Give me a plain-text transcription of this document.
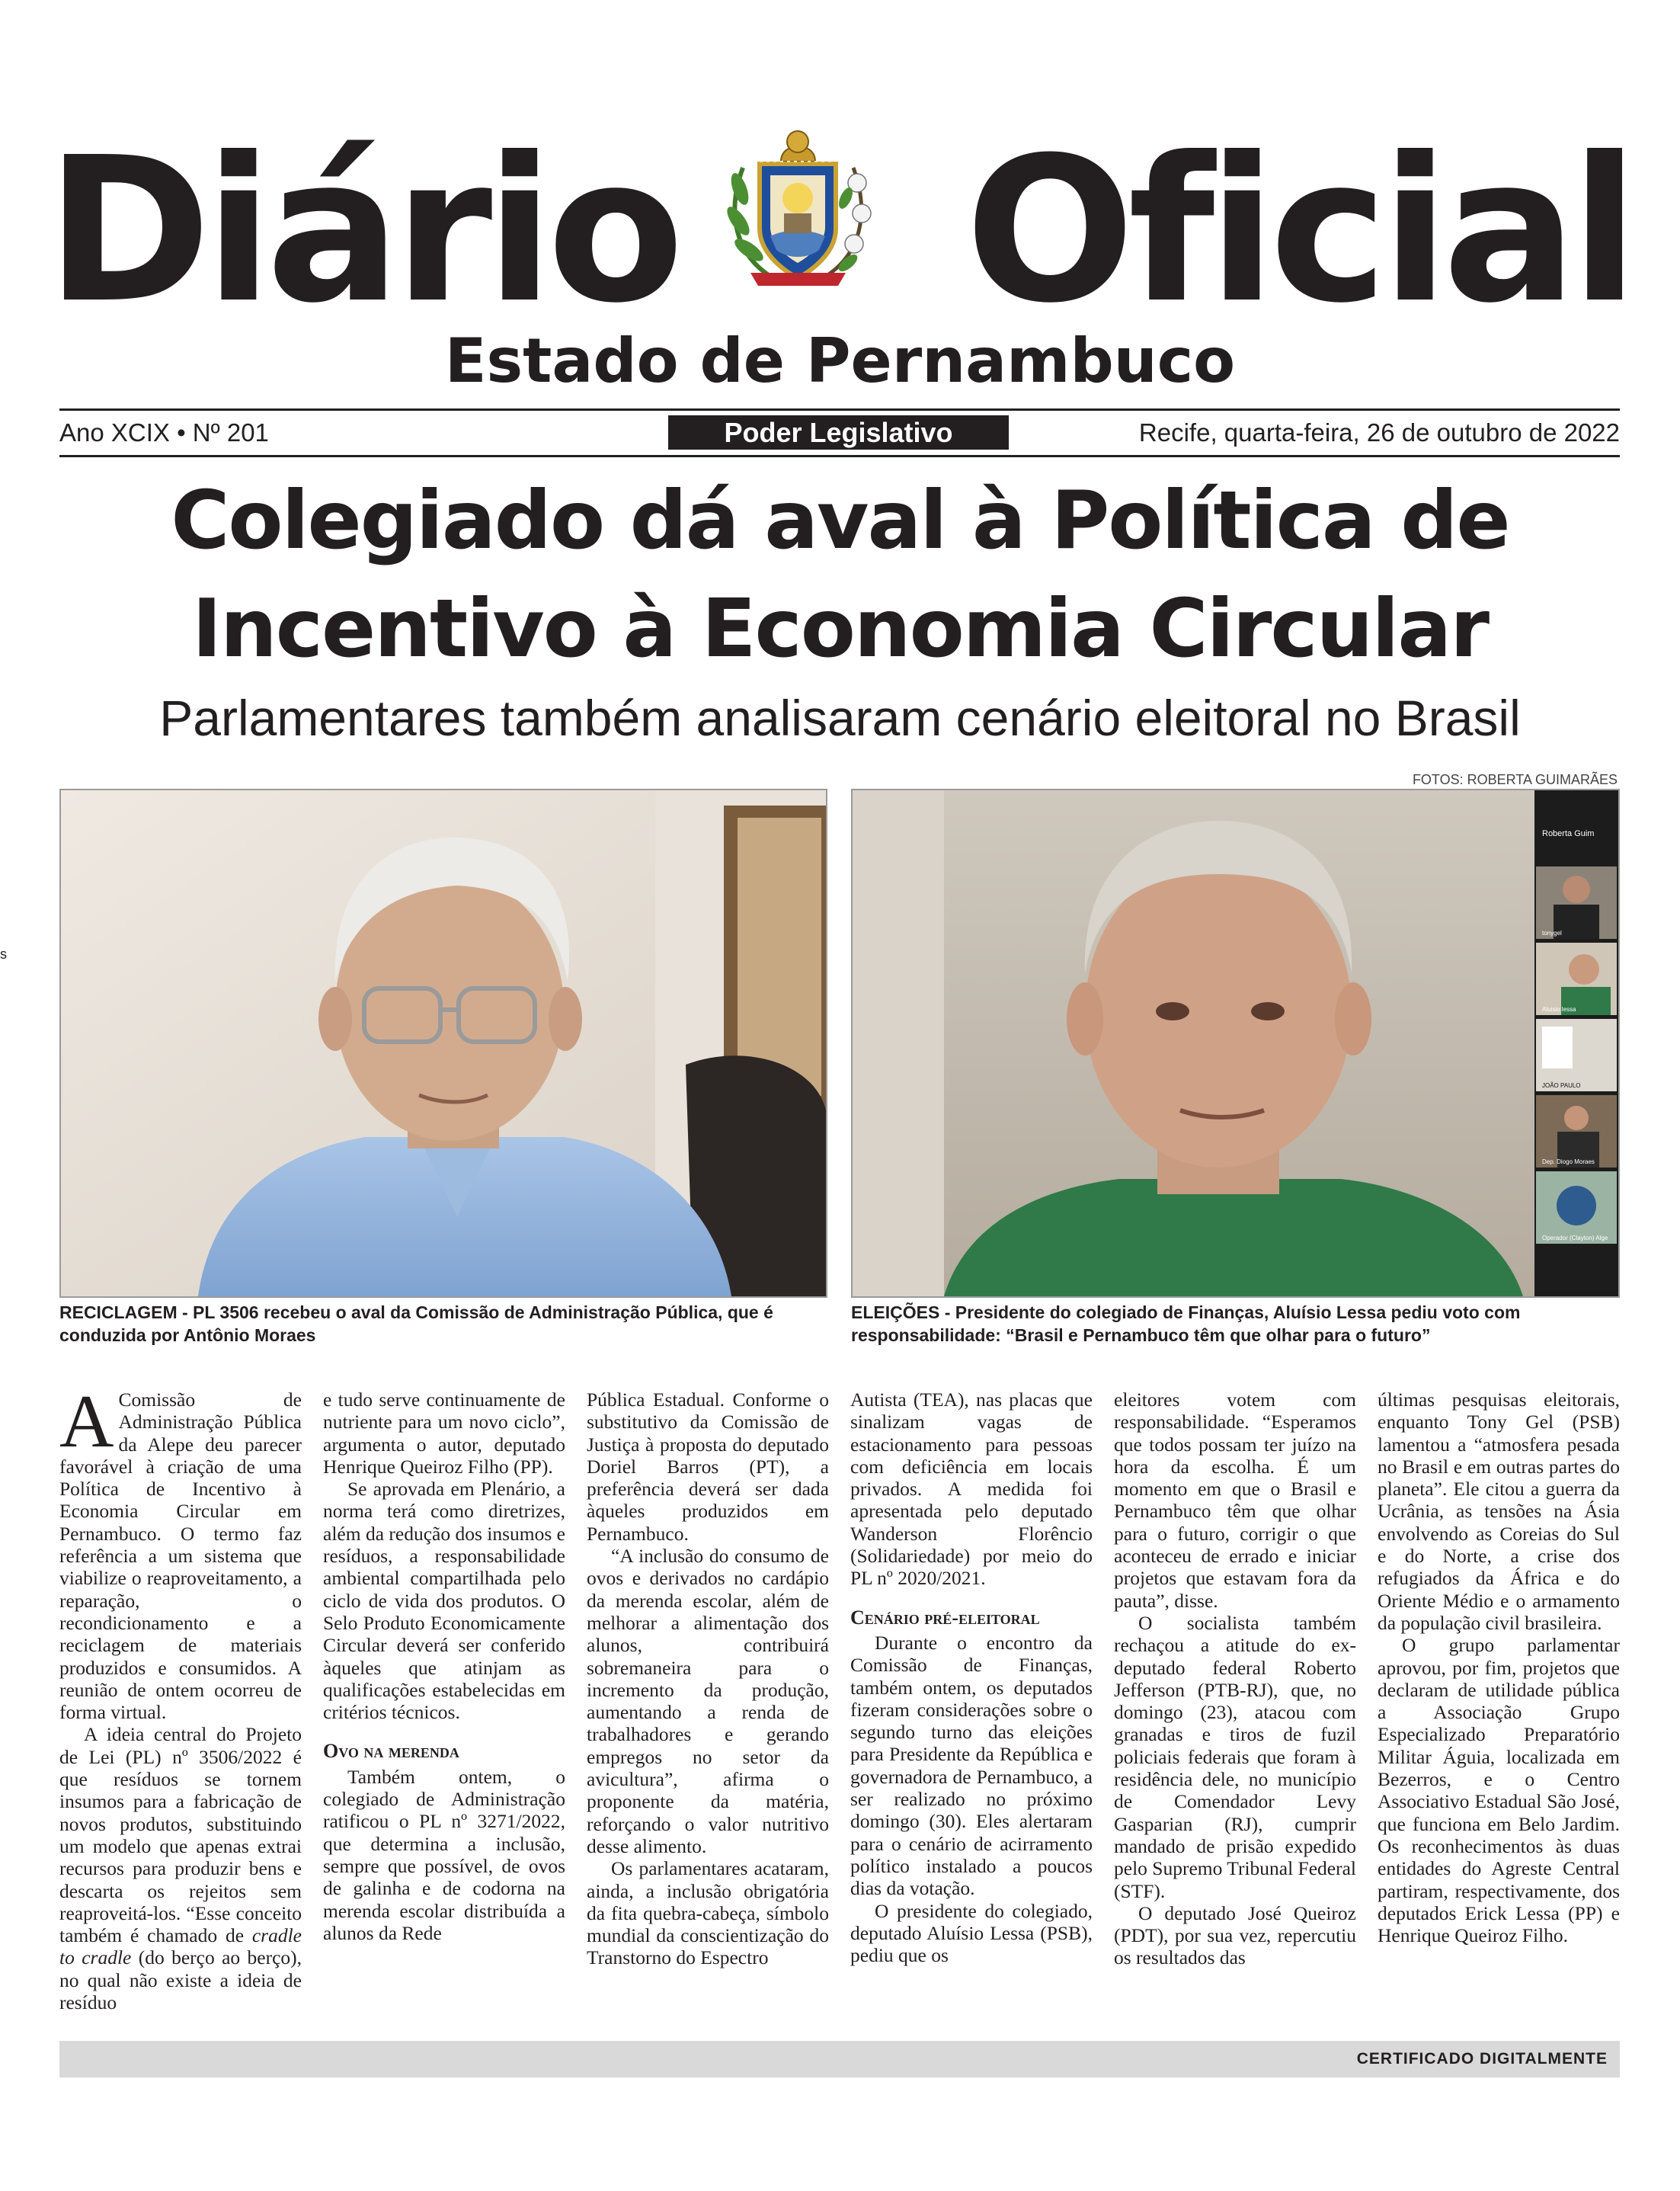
Diário Oficial
Estado de Pernambuco
Ano XCIX • Nº 201	Poder Legislativo	Recife, quarta-feira, 26 de outubro de 2022
Colegiado dá aval à Política de
Incentivo à Economia Circular
Parlamentares também analisaram cenário eleitoral no Brasil
FOTOS: ROBERTA GUIMARÃES
s
Roberta Guim
tonygel
Aluisio lessa
JOÃO PAULO
Dep. Diogo Moraes
Operador (Clayton) Alge
RECICLAGEM - PL 3506 recebeu o aval da Comissão de Administração Pública, que é conduzida por Antônio Moraes
ELEIÇÕES - Presidente do colegiado de Finanças, Aluísio Lessa pediu voto com responsabilidade: “Brasil e Pernambuco têm que olhar para o futuro”

A Comissão de Administração Pública da Alepe deu parecer favorável à criação de uma Política de Incentivo à Economia Circular em Pernambuco. O termo faz referência a um sistema que viabilize o reaproveitamento, a reparação, o recondicionamento e a reciclagem de materiais produzidos e consumidos. A reunião de ontem ocorreu de forma virtual.

A ideia central do Projeto de Lei (PL) nº 3506/2022 é que resíduos se tornem insumos para a fabricação de novos produtos, substituindo um modelo que apenas extrai recursos para produzir bens e descarta os rejeitos sem reaproveitá-los. “Esse conceito também é chamado de cradle to cradle (do berço ao berço), no qual não existe a ideia de resíduo

e tudo serve continuamente de nutriente para um novo ciclo”, argumenta o autor, deputado Henrique Queiroz Filho (PP).

Se aprovada em Plenário, a norma terá como diretrizes, além da redução dos insumos e resíduos, a responsabilidade ambiental compartilhada pelo ciclo de vida dos produtos. O Selo Produto Economicamente Circular deverá ser conferido àqueles que atinjam as qualificações estabelecidas em critérios técnicos.

Ovo na merenda

Também ontem, o colegiado de Administração ratificou o PL nº 3271/2022, que determina a inclusão, sempre que possível, de ovos de galinha e de codorna na merenda escolar distribuída a alunos da Rede

Pública Estadual. Conforme o substitutivo da Comissão de Justiça à proposta do deputado Doriel Barros (PT), a preferência deverá ser dada àqueles produzidos em Pernambuco.

“A inclusão do consumo de ovos e derivados no cardápio da merenda escolar, além de melhorar a alimentação dos alunos, contribuirá sobremaneira para o incremento da produção, aumentando a renda de trabalhadores e gerando empregos no setor da avicultura”, afirma o proponente da matéria, reforçando o valor nutritivo desse alimento.

Os parlamentares acataram, ainda, a inclusão obrigatória da fita quebra-cabeça, símbolo mundial da conscientização do Transtorno do Espectro

Autista (TEA), nas placas que sinalizam vagas de estacionamento para pessoas com deficiência em locais privados. A medida foi apresentada pelo deputado Wanderson Florêncio (Solidariedade) por meio do PL nº 2020/2021.

Cenário pré-eleitoral

Durante o encontro da Comissão de Finanças, também ontem, os deputados fizeram considerações sobre o segundo turno das eleições para Presidente da República e governadora de Pernambuco, a ser realizado no próximo domingo (30). Eles alertaram para o cenário de acirramento político instalado a poucos dias da votação.

O presidente do colegiado, deputado Aluísio Lessa (PSB), pediu que os

eleitores votem com responsabilidade. “Esperamos que todos possam ter juízo na hora da escolha. É um momento em que o Brasil e Pernambuco têm que olhar para o futuro, corrigir o que aconteceu de errado e iniciar projetos que estavam fora da pauta”, disse.

O socialista também rechaçou a atitude do ex-deputado federal Roberto Jefferson (PTB-RJ), que, no domingo (23), atacou com granadas e tiros de fuzil policiais federais que foram à residência dele, no município de Comendador Levy Gasparian (RJ), cumprir mandado de prisão expedido pelo Supremo Tribunal Federal (STF).

O deputado José Queiroz (PDT), por sua vez, repercutiu os resultados das

últimas pesquisas eleitorais, enquanto Tony Gel (PSB) lamentou a “atmosfera pesada no Brasil e em outras partes do planeta”. Ele citou a guerra da Ucrânia, as tensões na Ásia envolvendo as Coreias do Sul e do Norte, a crise dos refugiados da África e do Oriente Médio e o armamento da população civil brasileira.

O grupo parlamentar aprovou, por fim, projetos que declaram de utilidade pública a Associação Grupo Especializado Preparatório Militar Águia, localizada em Bezerros, e o Centro Associativo Estadual São José, que funciona em Belo Jardim. Os reconhecimentos às duas entidades do Agreste Central partiram, respectivamente, dos deputados Erick Lessa (PP) e Henrique Queiroz Filho.

CERTIFICADO DIGITALMENTE
